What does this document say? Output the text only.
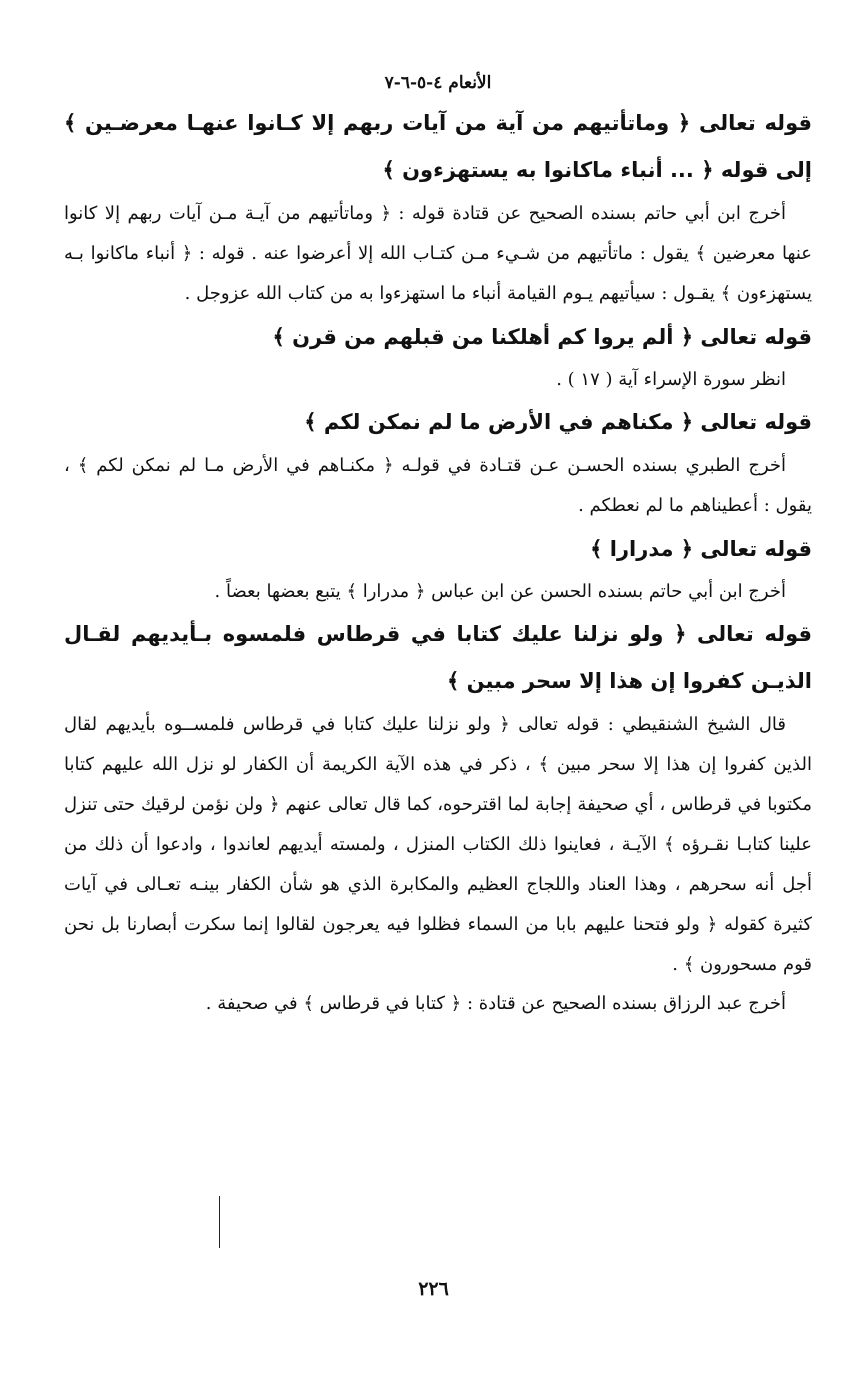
الأنعام ٤-٥-٦-٧

قوله تعالى ﴿ وماتأتيهم من آية من آيات ربهم إلا كـانوا عنهـا معرضـين ﴾ إلى قوله ﴿ ... أنباء ماكانوا به يستهزءون ﴾

أخرج ابن أبي حاتم بسنده الصحيح عن قتادة قوله : ﴿ وماتأتيهم من آيـة مـن آيات ربهم إلا كانوا عنها معرضين ﴾ يقول : ماتأتيهم من شـيء مـن كتـاب الله إلا أعرضوا عنه . قوله : ﴿ أنباء ماكانوا بـه يستهزءون ﴾ يقـول : سيأتيهم يـوم القيامة أنباء ما استهزءوا به من كتاب الله عزوجل .

قوله تعالى ﴿ ألم يروا كم أهلكنا من قبلهم من قرن ﴾

انظر سورة الإسراء آية ( ١٧ ) .

قوله تعالى ﴿ مكناهم في الأرض ما لم نمكن لكم ﴾

أخرج الطبري بسنده الحسـن عـن قتـادة في قولـه ﴿ مكنـاهم في الأرض مـا لم نمكن لكم ﴾ ، يقول : أعطيناهم ما لم نعطكم .

قوله تعالى ﴿ مدرارا ﴾

أخرج ابن أبي حاتم بسنده الحسن عن ابن عباس ﴿ مدرارا ﴾ يتبع بعضها بعضاً .

قوله تعالى ﴿ ولو نزلنا عليك كتابا في قرطاس فلمسوه بـأيديهم لقـال الذيـن كفروا إن هذا إلا سحر مبين ﴾

قال الشيخ الشنقيطي : قوله تعالى ﴿ ولو نزلنا عليك كتابا في قرطاس فلمســوه بأيديهم لقال الذين كفروا إن هذا إلا سحر مبين ﴾ ، ذكر في هذه الآية الكريمة أن الكفار لو نزل الله عليهم كتابا مكتوبا في قرطاس ، أي صحيفة إجابة لما اقترحوه، كما قال تعالى عنهم ﴿ ولن نؤمن لرقيك حتى تنزل علينا كتابـا نقـرؤه ﴾ الآيـة ، فعاينوا ذلك الكتاب المنزل ، ولمسته أيديهم لعاندوا ، وادعوا أن ذلك من أجل أنه سحرهم ، وهذا العناد واللجاج العظيم والمكابرة الذي هو شأن الكفار بينـه تعـالى في آيات كثيرة كقوله ﴿ ولو فتحنا عليهم بابا من السماء فظلوا فيه يعرجون لقالوا إنما سكرت أبصارنا بل نحن قوم مسحورون ﴾ .

أخرج عبد الرزاق بسنده الصحيح عن قتادة : ﴿ كتابا في قرطاس ﴾ في صحيفة .

٢٢٦
